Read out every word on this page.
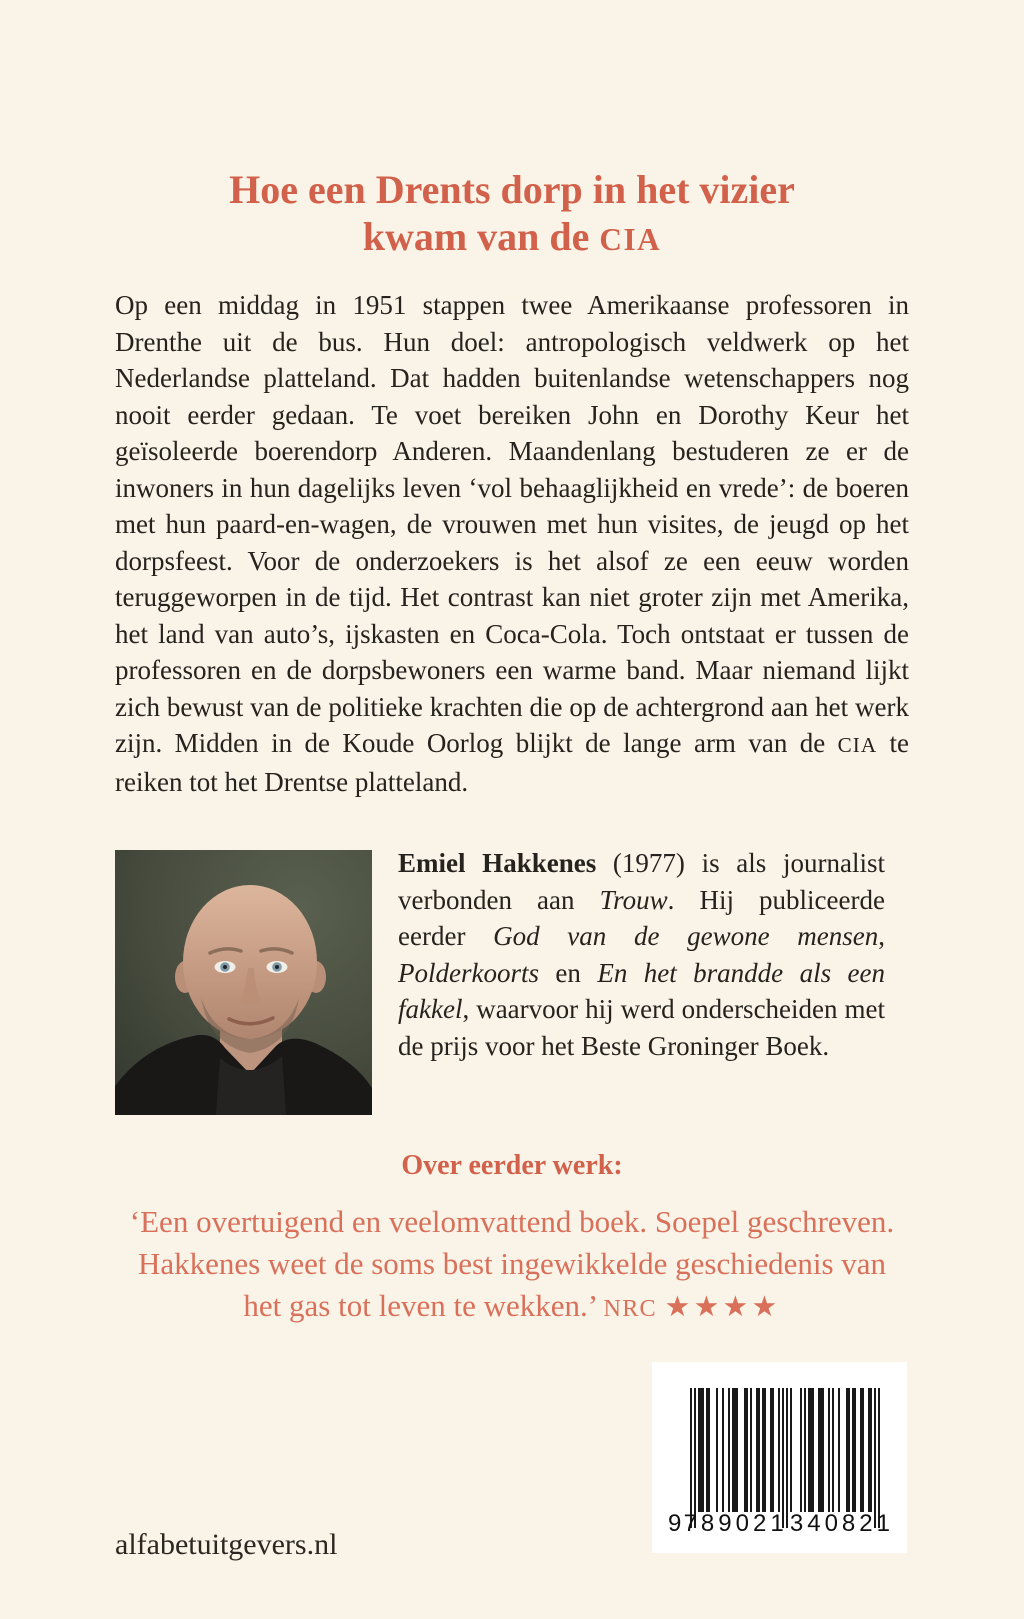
Hoe een Drents dorp in het vizier
kwam van de CIA

Op een middag in 1951 stappen twee Amerikaanse professoren in Drenthe uit de bus. Hun doel: antropologisch veldwerk op het Nederlandse platteland. Dat hadden buitenlandse wetenschappers nog nooit eerder gedaan. Te voet bereiken John en Dorothy Keur het geïsoleerde boerendorp Anderen. Maandenlang bestuderen ze er de inwoners in hun dagelijks leven ‘vol behaaglijkheid en vrede’: de boeren met hun paard-en-wagen, de vrouwen met hun visites, de jeugd op het dorpsfeest. Voor de onderzoekers is het alsof ze een eeuw worden teruggeworpen in de tijd. Het contrast kan niet groter zijn met Amerika, het land van auto’s, ijskasten en Coca-Cola. Toch ontstaat er tussen de professoren en de dorpsbewoners een warme band. Maar niemand lijkt zich bewust van de politieke krachten die op de achtergrond aan het werk zijn. Midden in de Koude Oorlog blijkt de lange arm van de CIA te reiken tot het Drentse platteland.

Emiel Hakkenes (1977) is als journalist verbonden aan Trouw. Hij publiceerde eerder God van de gewone mensen, Polderkoorts en En het brandde als een fakkel, waarvoor hij werd onderscheiden met de prijs voor het Beste Groninger Boek.

Over eerder werk:
‘Een overtuigend en veelomvattend boek. Soepel geschreven.
Hakkenes weet de soms best ingewikkelde geschiedenis van
het gas tot leven te wekken.’ NRC ★★★★
9 789021 340821
alfabetuitgevers.nl
